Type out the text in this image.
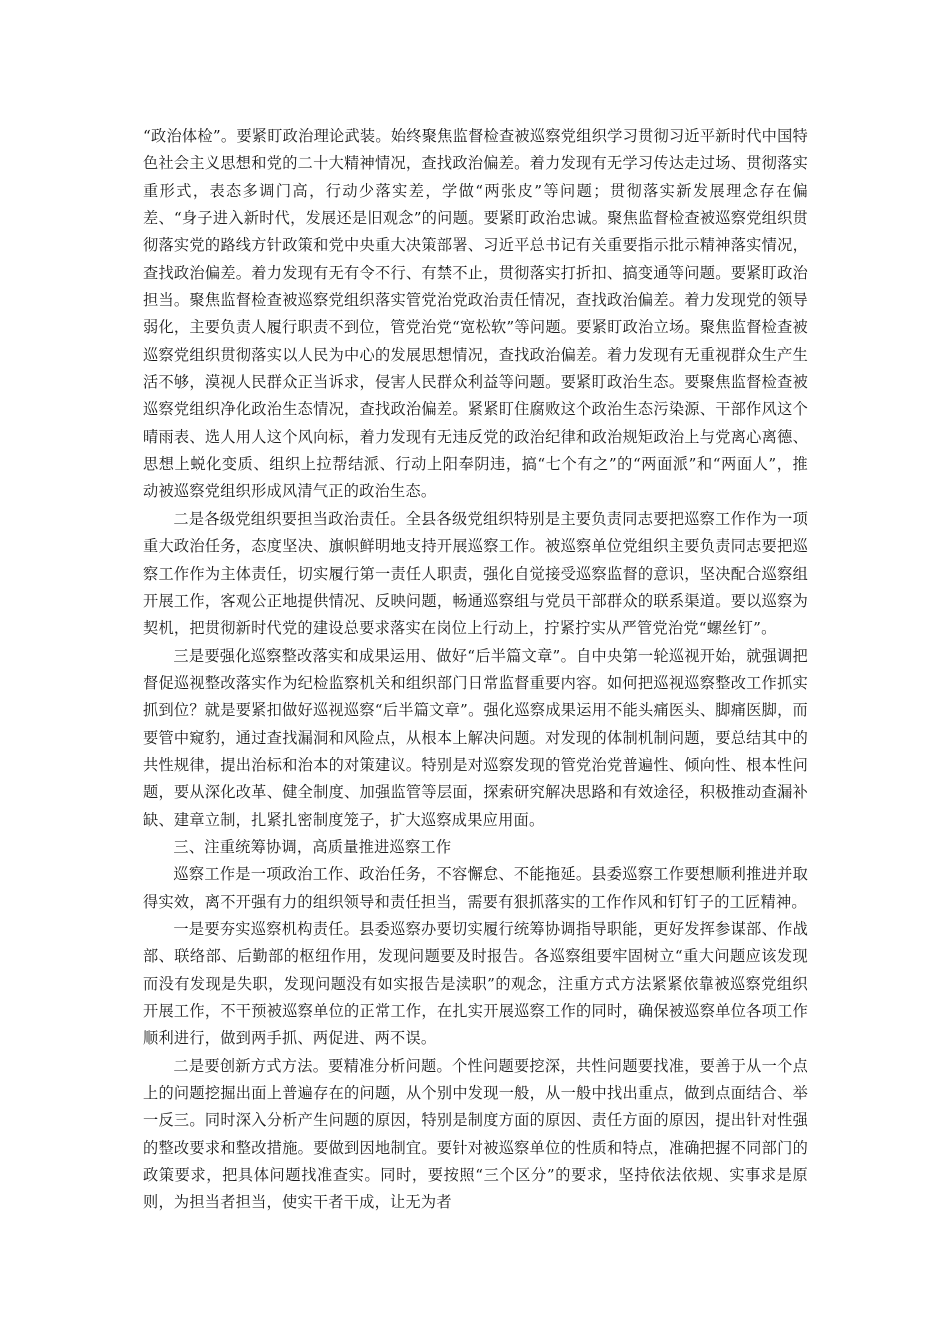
“政治体检”。要紧盯政治理论武装。始终聚焦监督检查被巡察党组织学习贯彻习近平新时代中国特色社会主义思想和党的二十大精神情况，查找政治偏差。着力发现有无学习传达走过场、贯彻落实重形式，表态多调门高，行动少落实差，学做“两张皮”等问题；贯彻落实新发展理念存在偏差、“身子进入新时代，发展还是旧观念”的问题。要紧盯政治忠诚。聚焦监督检查被巡察党组织贯彻落实党的路线方针政策和党中央重大决策部署、习近平总书记有关重要指示批示精神落实情况，查找政治偏差。着力发现有无有令不行、有禁不止，贯彻落实打折扣、搞变通等问题。要紧盯政治担当。聚焦监督检查被巡察党组织落实管党治党政治责任情况，查找政治偏差。着力发现党的领导弱化，主要负责人履行职责不到位，管党治党“宽松软”等问题。要紧盯政治立场。聚焦监督检查被巡察党组织贯彻落实以人民为中心的发展思想情况，查找政治偏差。着力发现有无重视群众生产生活不够，漠视人民群众正当诉求，侵害人民群众利益等问题。要紧盯政治生态。要聚焦监督检查被巡察党组织净化政治生态情况，查找政治偏差。紧紧盯住腐败这个政治生态污染源、干部作风这个晴雨表、选人用人这个风向标，着力发现有无违反党的政治纪律和政治规矩政治上与党离心离德、思想上蜕化变质、组织上拉帮结派、行动上阳奉阴违，搞“七个有之”的“两面派”和“两面人”，推动被巡察党组织形成风清气正的政治生态。

二是各级党组织要担当政治责任。全县各级党组织特别是主要负责同志要把巡察工作作为一项重大政治任务，态度坚决、旗帜鲜明地支持开展巡察工作。被巡察单位党组织主要负责同志要把巡察工作作为主体责任，切实履行第一责任人职责，强化自觉接受巡察监督的意识，坚决配合巡察组开展工作，客观公正地提供情况、反映问题，畅通巡察组与党员干部群众的联系渠道。要以巡察为契机，把贯彻新时代党的建设总要求落实在岗位上行动上，拧紧拧实从严管党治党“螺丝钉”。

三是要强化巡察整改落实和成果运用、做好“后半篇文章”。自中央第一轮巡视开始，就强调把督促巡视整改落实作为纪检监察机关和组织部门日常监督重要内容。如何把巡视巡察整改工作抓实抓到位？就是要紧扣做好巡视巡察“后半篇文章”。强化巡察成果运用不能头痛医头、脚痛医脚，而要管中窥豹，通过查找漏洞和风险点，从根本上解决问题。对发现的体制机制问题，要总结其中的共性规律，提出治标和治本的对策建议。特别是对巡察发现的管党治党普遍性、倾向性、根本性问题，要从深化改革、健全制度、加强监管等层面，探索研究解决思路和有效途径，积极推动查漏补缺、建章立制，扎紧扎密制度笼子，扩大巡察成果应用面。

三、注重统筹协调，高质量推进巡察工作

巡察工作是一项政治工作、政治任务，不容懈怠、不能拖延。县委巡察工作要想顺利推进并取得实效，离不开强有力的组织领导和责任担当，需要有狠抓落实的工作作风和钉钉子的工匠精神。

一是要夯实巡察机构责任。县委巡察办要切实履行统筹协调指导职能，更好发挥参谋部、作战部、联络部、后勤部的枢纽作用，发现问题要及时报告。各巡察组要牢固树立“重大问题应该发现而没有发现是失职，发现问题没有如实报告是渎职”的观念，注重方式方法紧紧依靠被巡察党组织开展工作，不干预被巡察单位的正常工作，在扎实开展巡察工作的同时，确保被巡察单位各项工作顺利进行，做到两手抓、两促进、两不误。

二是要创新方式方法。要精准分析问题。个性问题要挖深，共性问题要找准，要善于从一个点上的问题挖掘出面上普遍存在的问题，从个别中发现一般，从一般中找出重点，做到点面结合、举一反三。同时深入分析产生问题的原因，特别是制度方面的原因、责任方面的原因，提出针对性强的整改要求和整改措施。要做到因地制宜。要针对被巡察单位的性质和特点，准确把握不同部门的政策要求，把具体问题找准查实。同时，要按照“三个区分”的要求，坚持依法依规、实事求是原则，为担当者担当，使实干者干成，让无为者
